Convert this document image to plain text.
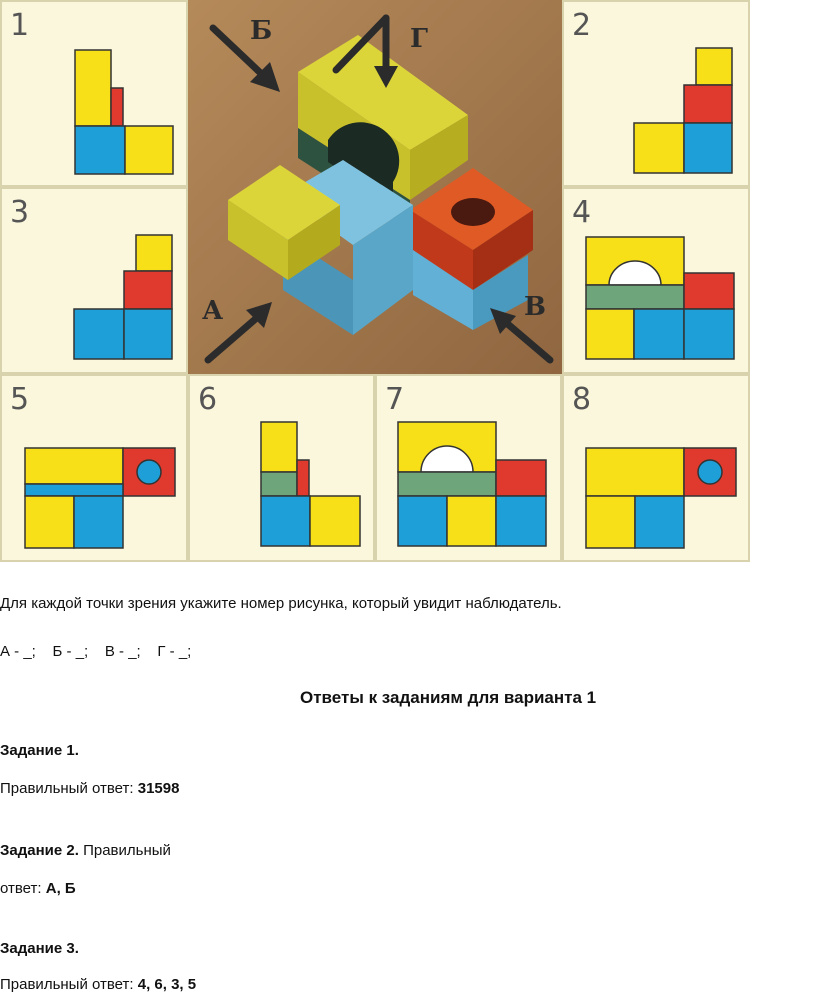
1	2
3	4
5	6	7	8
Б	Г
А	В
Для каждой точки зрения укажите номер рисунка, который увидит наблюдатель.
А - _;    Б - _;    В - _;    Г - _;
Ответы к заданиям для варианта 1
Задание 1.
Правильный ответ: 31598
Задание 2. Правильный
ответ: А, Б
Задание 3.
Правильный ответ: 4, 6, 3, 5
